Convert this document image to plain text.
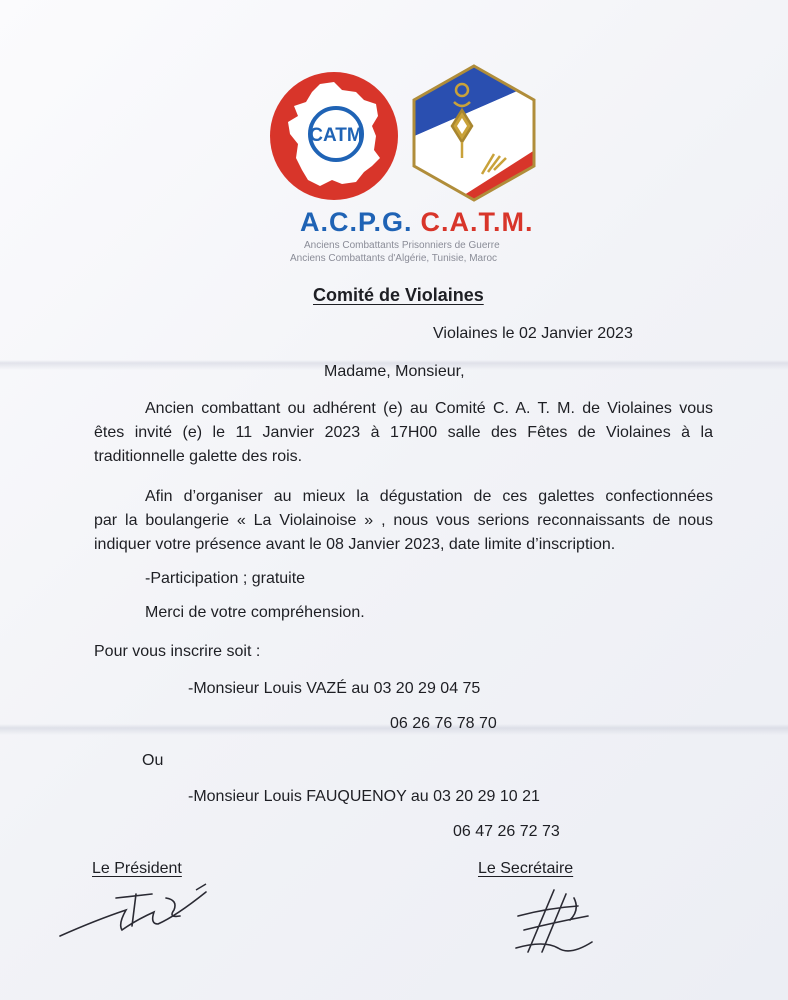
CATM
A.C.P.G. C.A.T.M.
Anciens Combattants Prisonniers de Guerre
Anciens Combattants d'Algérie, Tunisie, Maroc
Comité de Violaines
Violaines le 02 Janvier 2023
Madame, Monsieur,
Ancien combattant ou adhérent (e) au Comité C. A. T. M. de Violaines vous
êtes invité (e) le 11 Janvier 2023 à 17H00 salle des Fêtes de Violaines à la
traditionnelle galette des rois.
Afin d’organiser au mieux la dégustation de ces galettes confectionnées
par la boulangerie « La Violainoise » , nous vous serions reconnaissants de nous
indiquer votre présence avant le 08 Janvier 2023, date limite d’inscription.
-Participation ; gratuite
Merci de votre compréhension.
Pour vous inscrire soit :
-Monsieur Louis VAZÉ au 03 20 29 04 75
06 26 76 78 70
Ou
-Monsieur Louis FAUQUENOY au 03 20 29 10 21
06 47 26 72 73
Le Président	Le Secrétaire
